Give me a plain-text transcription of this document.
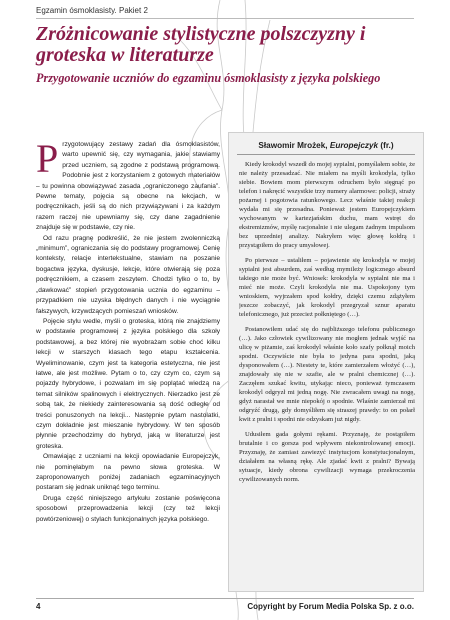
Egzamin ósmoklasisty. Pakiet 2
Zróżnicowanie stylistyczne polszczyzny i groteska w literaturze
Przygotowanie uczniów do egzaminu ósmoklasisty z języka polskiego

Przygotowujący zestawy zadań dla ósmoklasistów, warto upewnić się, czy wymagania, jakie stawiamy przed uczniem, są zgodne z podstawą programową. Podobnie jest z korzystaniem z gotowych materiałów – tu powinna obowiązywać zasada „ograniczonego zaufania”. Pewne tematy, pojęcia są obecne na lekcjach, w podręcznikach, jeśli są do nich przywiązywani i za każdym razem raczej nie upewniamy się, czy dane zagadnienie znajduje się w podstawie, czy nie.

Od razu pragnę podkreślić, że nie jestem zwolenniczką „minimum”, ograniczania się do podstawy programowej. Cenię konteksty, relacje intertekstualne, stawiam na poszanie bogactwa języka, dyskusje, lekcje, które otwierają się poza podręcznikiem, a czasem zeszytem. Chodzi tylko o to, by „dawkować” stopień przygotowania ucznia do egzaminu – przypadkiem nie uzyska błędnych danych i nie wyciągnie fałszywych, krzywdzących pomieszań wniosków.

Pojęcie stylu wedle, myśli o groteska, którą nie znajdziemy w podstawie programowej z języka polskiego dla szkoły podstawowej, a bez której nie wyobrażam sobie choć kilku lekcji w starszych klasach tego etapu kształcenia. Wyeliminowanie, czym jest ta kategoria estetyczna, nie jest łatwe, ale jest możliwe. Pytam o to, czy czym co, czym są pojazdy hybrydowe, i pozwalam im się poplątać wiedzą na temat silników spalinowych i elektrycznych. Nierzadko jest ze sobą tak, że niekiedy zainteresowania są dość odległe od treści ponuszonych na lekcji... Następnie pytam nastolatki, czym dokładnie jest mieszanie hybrydowy. W ten sposób płynnie przechodzimy do hybryd, jaką w literaturze jest groteska.

Omawiając z uczniami na lekcji opowiadanie Europejczyk, nie pominęłabym na pewno słowa groteska. W zaproponowanych poniżej zadaniach egzaminacyjnych postaram się jednak uniknąć tego terminu.

Druga część niniejszego artykułu zostanie poświęcona sposobowi przeprowadzenia lekcji (czy też lekcji powtórzeniowej) o stylach funkcjonalnych języka polskiego.

Sławomir Mrożek, Europejczyk (fr.)

Kiedy krokodyl wszedł do mojej sypialni, pomyślałem sobie, że nie należy przesadzać. Nie miałem na myśli krokodyla, tylko siebie. Bowiem mom pierwszym odruchem było sięgnąć po telefon i nakręcić wszystkie trzy numery alarmowe: policji, straży pożarnej i pogotowia ratunkowego. Lecz właśnie takiej reakcji wydała mi się przesadna. Ponieważ jestem Europejczykiem wychowanym w kartezjańskim duchu, mam wstręt do ekstremizmów, myślę racjonalnie i nie ulegam żadnym impulsom bez uprzedniej analizy. Nakryłem więc głowę kołdrą i przystąpiłem do pracy umysłowej.

Po pierwsze – ustaliłem – pojawienie się krokodyla w mojej sypialni jest absurdem, zaś według mymileży logicznego absurd takiego nie może być. Wniosek: krokodyla w sypialni nie ma i mieć nie może. Czyli krokodyla nie ma. Uspokojony tym wnioskiem, wyjrzałem spod kołdry, dzięki czemu zdążyłem jeszcze zobaczyć, jak krokodyl przegryzał sznur aparatu telefonicznego, już przecież połkniętego (…).

Postanowiłem udać się do najbliższego telefonu publicznego (…). Jako człowiek cywilizowany nie mogłem jednak wyjść na ulicę w piżamie, zaś krokodyl właśnie koło szafy połknął moich spodni. Oczywiście nie była to jedyna para spodni, jaką dysponowałem (…). Niestety te, które zamierzałem włożyć (…), znajdowały się nie w szafie, ale w pralni chemicznej (…). Zaczęłem szukać kwitu, utykając nieco, ponieważ tymczasem krokodyl odgryzł mi jedną nogę. Nie zwracałem uwagi na nogę, gdyż narastał we mnie niepokój o spodnie. Właśnie zamierzał mi odgryźć drugą, gdy domyśliłem się straszej prawdy: to on połarł kwit z pralni i spodni nie odzyskam już nigdy.

Udusiłem gada gołymi rękami. Przyznaję, że postąpiłem brutalnie i co gorsza pod wpływem niekontrolowanej emocji. Przyznaję, że zamiast zawiezyć instytucjom konstytucjonalnym, działałem na własną rękę. Ale zjadać kwit z pralni? Bywają sytuacje, kiedy obrona cywilizacji wymaga przekroczenia cywilizowanych norm.

4	Copyright by Forum Media Polska Sp. z o.o.
